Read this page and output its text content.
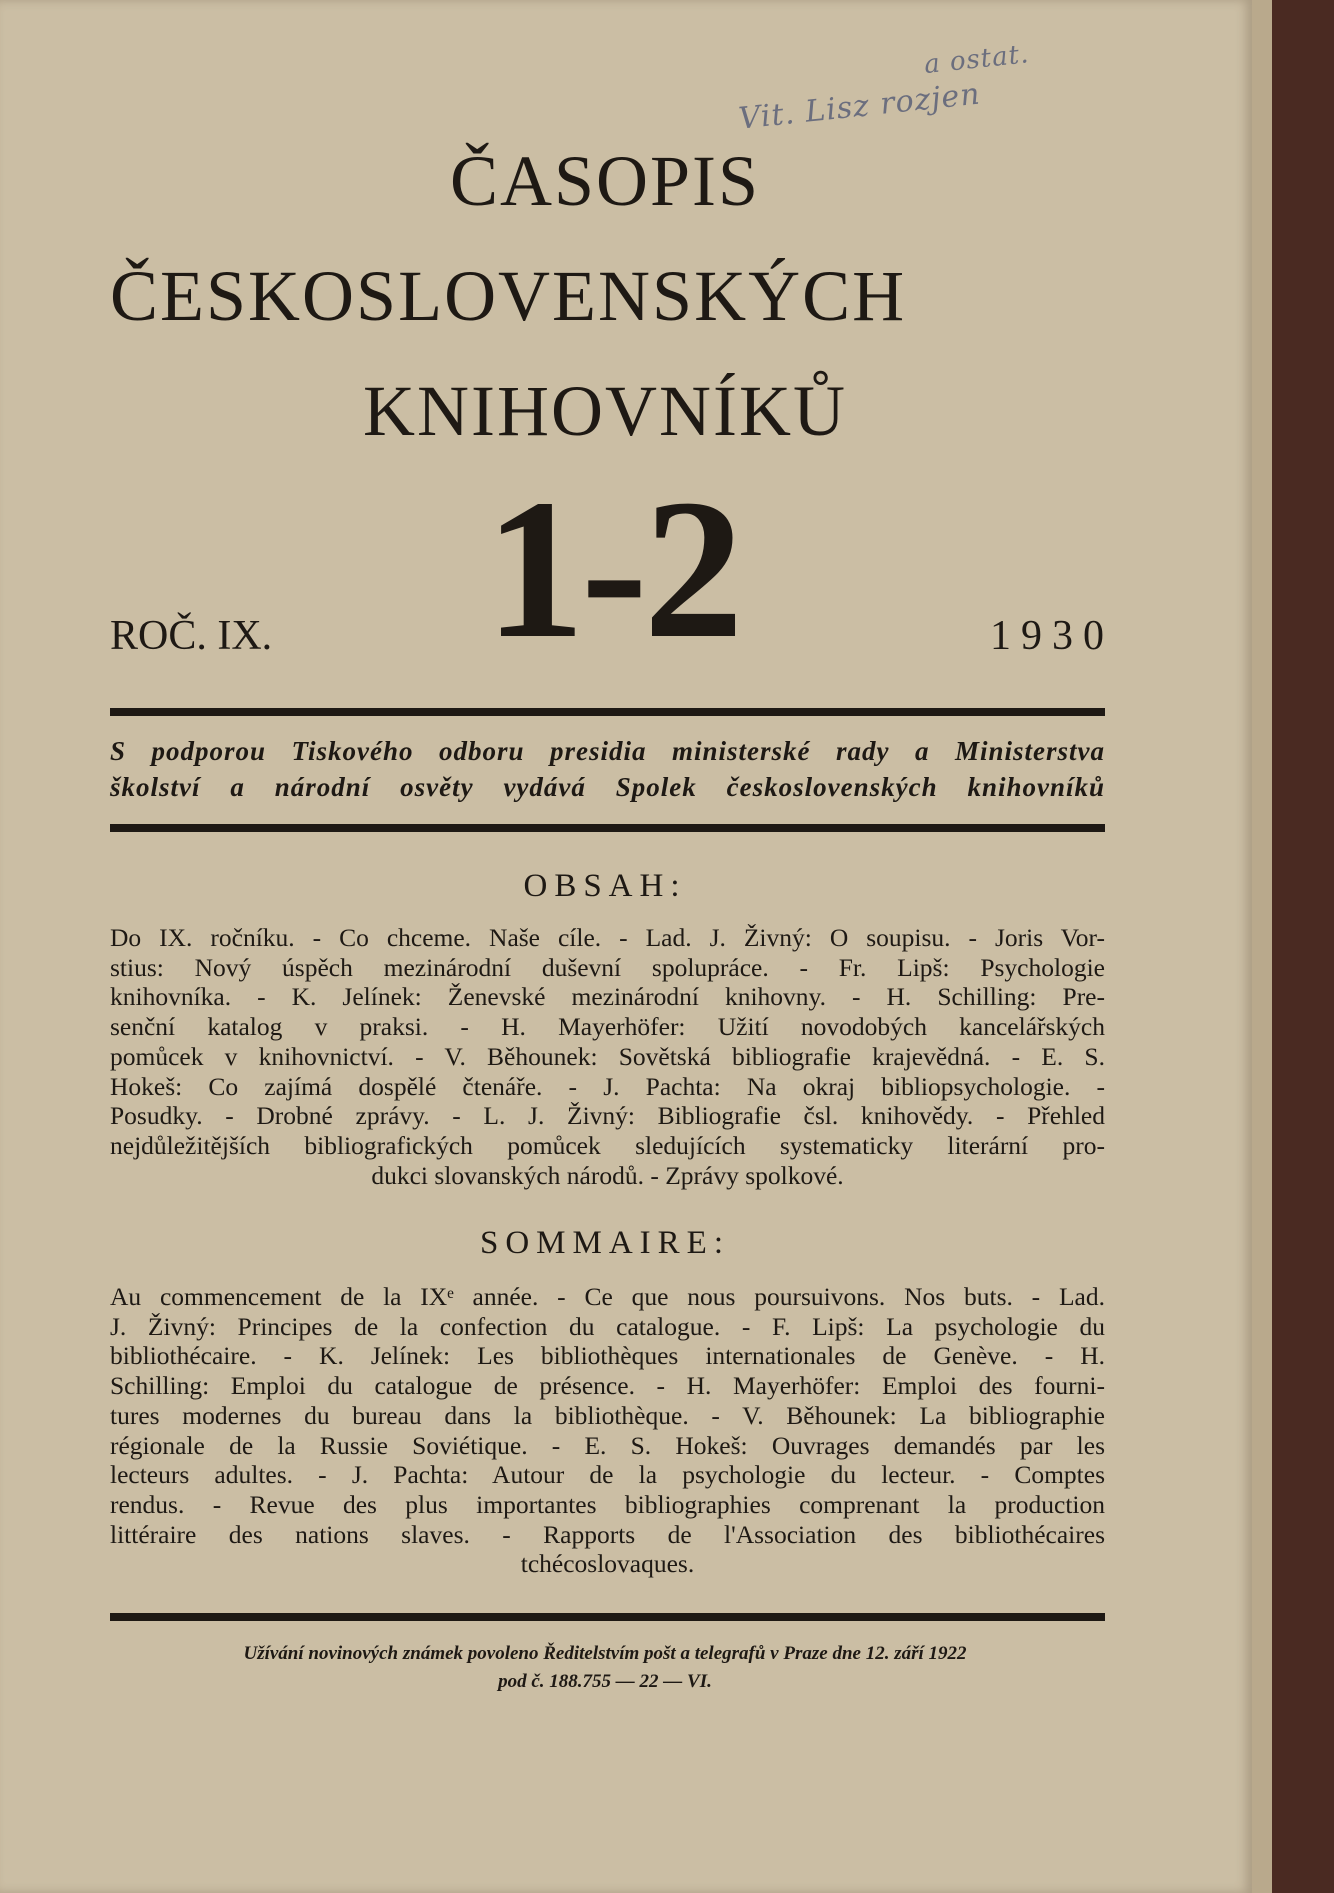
a ostat.
Vit. Lisz rozjen
ČASOPIS
ČESKOSLOVENSKÝCH
KNIHOVNÍKŮ
ROČ. IX. 1-2	1930
S podporou Tiskového odboru presidia ministerské rady a Ministerstva
školství a národní osvěty vydává Spolek československých knihovníků
OBSAH:
Do IX. ročníku. - Co chceme. Naše cíle. - Lad. J. Živný: O soupisu. - Joris Vor-
stius: Nový úspěch mezinárodní duševní spolupráce. - Fr. Lipš: Psychologie
knihovníka. - K. Jelínek: Ženevské mezinárodní knihovny. - H. Schilling: Pre-
senční katalog v praksi. - H. Mayerhöfer: Užití novodobých kancelářských
pomůcek v knihovnictví. - V. Běhounek: Sovětská bibliografie krajevědná. - E. S.
Hokeš: Co zajímá dospělé čtenáře. - J. Pachta: Na okraj bibliopsychologie. -
Posudky. - Drobné zprávy. - L. J. Živný: Bibliografie čsl. knihovědy. - Přehled
nejdůležitějších bibliografických pomůcek sledujících systematicky literární pro-
dukci slovanských národů. - Zprávy spolkové.
SOMMAIRE:
Au commencement de la IXᵉ année. - Ce que nous poursuivons. Nos buts. - Lad.
J. Živný: Principes de la confection du catalogue. - F. Lipš: La psychologie du
bibliothécaire. - K. Jelínek: Les bibliothèques internationales de Genève. - H.
Schilling: Emploi du catalogue de présence. - H. Mayerhöfer: Emploi des fourni-
tures modernes du bureau dans la bibliothèque. - V. Běhounek: La bibliographie
régionale de la Russie Soviétique. - E. S. Hokeš: Ouvrages demandés par les
lecteurs adultes. - J. Pachta: Autour de la psychologie du lecteur. - Comptes
rendus. - Revue des plus importantes bibliographies comprenant la production
littéraire des nations slaves. - Rapports de l'Association des bibliothécaires
tchécoslovaques.
Užívání novinových známek povoleno Ředitelstvím pošt a telegrafů v Praze dne 12. září 1922
pod č. 188.755 — 22 — VI.
